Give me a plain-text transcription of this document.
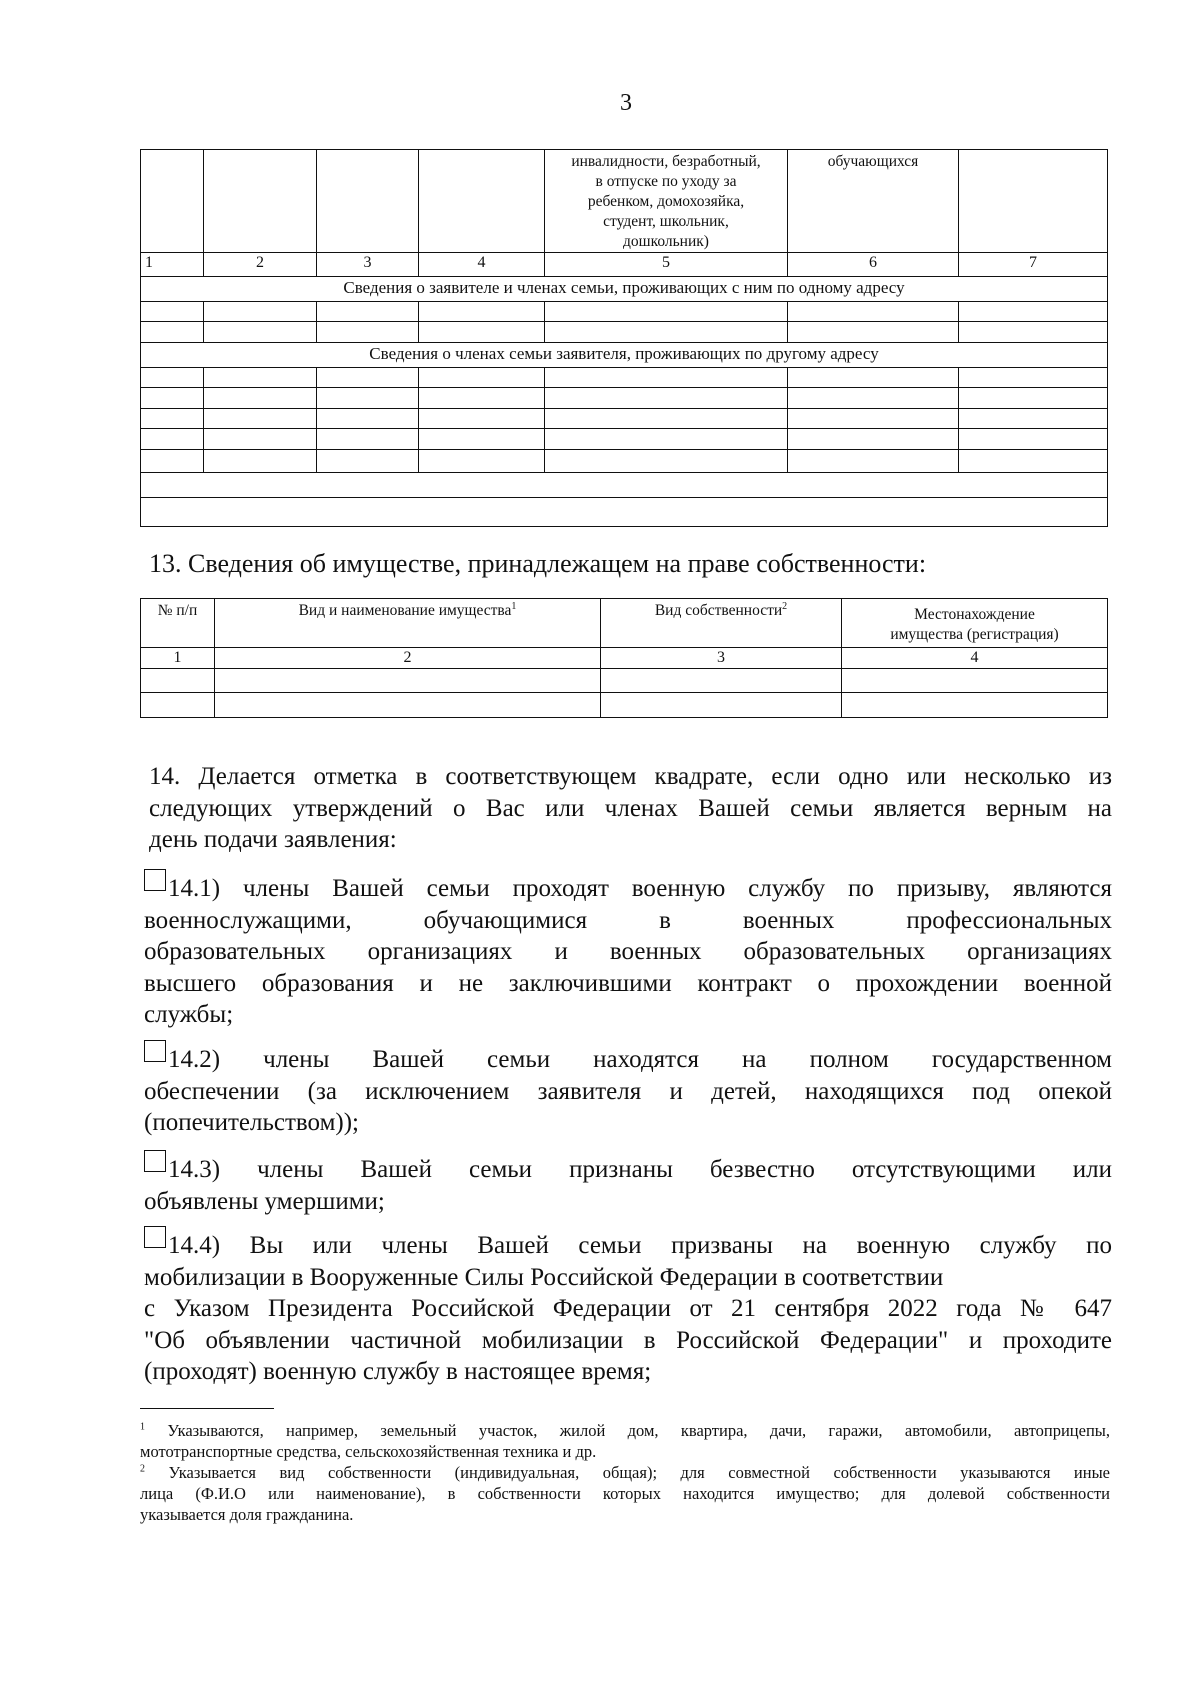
3

				инвалидности, безработный,
в отпуске по уходу за
ребенком, домохозяйка,
студент, школьник,
дошкольник)	обучающихся	
1	2	3	4	5	6	7
Сведения о заявителе и членах семьи, проживающих с ним по одному адресу						

Сведения о членах семьи заявителя, проживающих по другому адресу						

13. Сведения об имуществе, принадлежащем на праве собственности:
№ п/п	Вид и наименование имущества$^1$	Вид собственности$^2$	Местонахождение
имущества (регистрация)

1	2	3	4

14. Делается отметка в соответствующем квадрате, если одно или несколько из
следующих утверждений о Вас или членах Вашей семьи является верным на
день подачи заявления:
14.1) члены Вашей семьи проходят военную службу по призыву, являются
военнослужащими, обучающимися в военных профессиональных
образовательных организациях и военных образовательных организациях
высшего образования и не заключившими контракт о прохождении военной
службы;
14.2) члены Вашей семьи находятся на полном государственном
обеспечении (за исключением заявителя и детей, находящихся под опекой
(попечительством));
14.3) члены Вашей семьи признаны безвестно отсутствующими или
объявлены умершими;
14.4) Вы или члены Вашей семьи призваны на военную службу по
мобилизации в Вооруженные Силы Российской Федерации в соответствии
с Указом Президента Российской Федерации от 21 сентября 2022 года № 647
"Об объявлении частичной мобилизации в Российской Федерации" и проходите
(проходят) военную службу в настоящее время;
$^1$ Указываются, например, земельный участок, жилой дом, квартира, дачи, гаражи, автомобили, автоприцепы,
мототранспортные средства, сельскохозяйственная техника и др.
$^2$ Указывается вид собственности (индивидуальная, общая); для совместной собственности указываются иные
лица (Ф.И.О или наименование), в собственности которых находится имущество; для долевой собственности
указывается доля гражданина.
